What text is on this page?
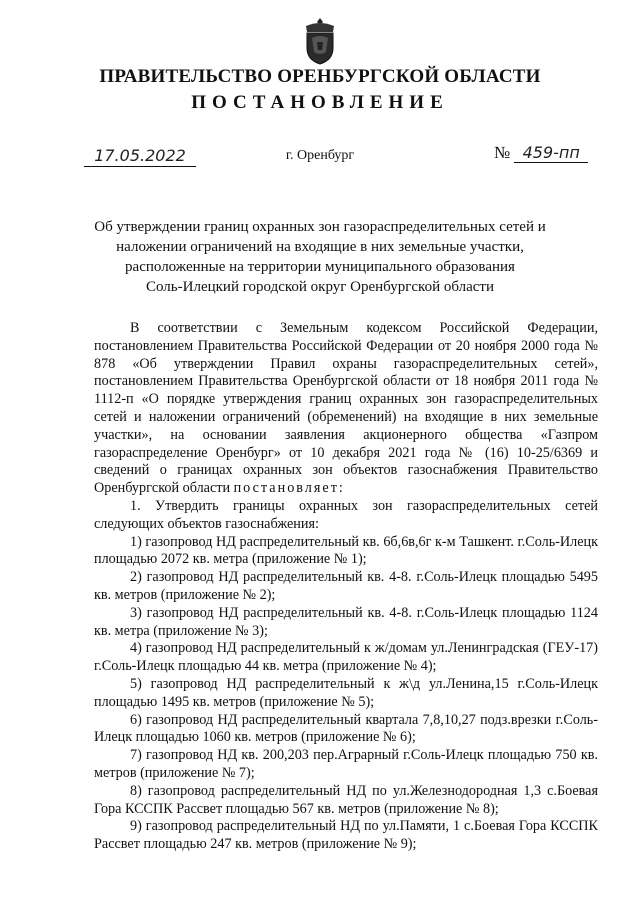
ПРАВИТЕЛЬСТВО ОРЕНБУРГСКОЙ ОБЛАСТИ
ПОСТАНОВЛЕНИЕ
17.05.2022	г. Оренбург	№ 459-пп
Об утверждении границ охранных зон газораспределительных сетей и
наложении ограничений на входящие в них земельные участки,
расположенные на территории муниципального образования
Соль-Илецкий городской округ Оренбургской области

В соответствии с Земельным кодексом Российской Федерации, постановлением Правительства Российской Федерации от 20 ноября 2000 года № 878 «Об утверждении Правил охраны газораспределительных сетей», постановлением Правительства Оренбургской области от 18 ноября 2011 года № 1112-п «О порядке утверждения границ охранных зон газораспределительных сетей и наложении ограничений (обременений) на входящие в них земельные участки», на основании заявления акционерного общества «Газпром газораспределение Оренбург» от 10 декабря 2021 года № (16) 10-25/6369 и сведений о границах охранных зон объектов газоснабжения Правительство Оренбургской области постановляет:

1. Утвердить границы охранных зон газораспределительных сетей следующих объектов газоснабжения:

1) газопровод НД распределительный кв. 6б,6в,6г к-м Ташкент. г.Соль-Илецк площадью 2072 кв. метра (приложение № 1);

2) газопровод НД распределительный кв. 4-8. г.Соль-Илецк площадью 5495 кв. метров (приложение № 2);

3) газопровод НД распределительный кв. 4-8. г.Соль-Илецк площадью 1124 кв. метра (приложение № 3);

4) газопровод НД распределительный к ж/домам ул.Ленинградская (ГЕУ-17) г.Соль-Илецк площадью 44 кв. метра (приложение № 4);

5) газопровод НД распределительный к ж\д ул.Ленина,15 г.Соль-Илецк площадью 1495 кв. метров (приложение № 5);

6) газопровод НД распределительный квартала 7,8,10,27 подз.врезки г.Соль-Илецк площадью 1060 кв. метров (приложение № 6);

7) газопровод НД кв. 200,203 пер.Аграрный г.Соль-Илецк площадью 750 кв. метров (приложение № 7);

8) газопровод распределительный НД по ул.Железнодородная 1,3 с.Боевая Гора КССПК Рассвет площадью 567 кв. метров (приложение № 8);

9) газопровод распределительный НД по ул.Памяти, 1 с.Боевая Гора КССПК Рассвет площадью 247 кв. метров (приложение № 9);
